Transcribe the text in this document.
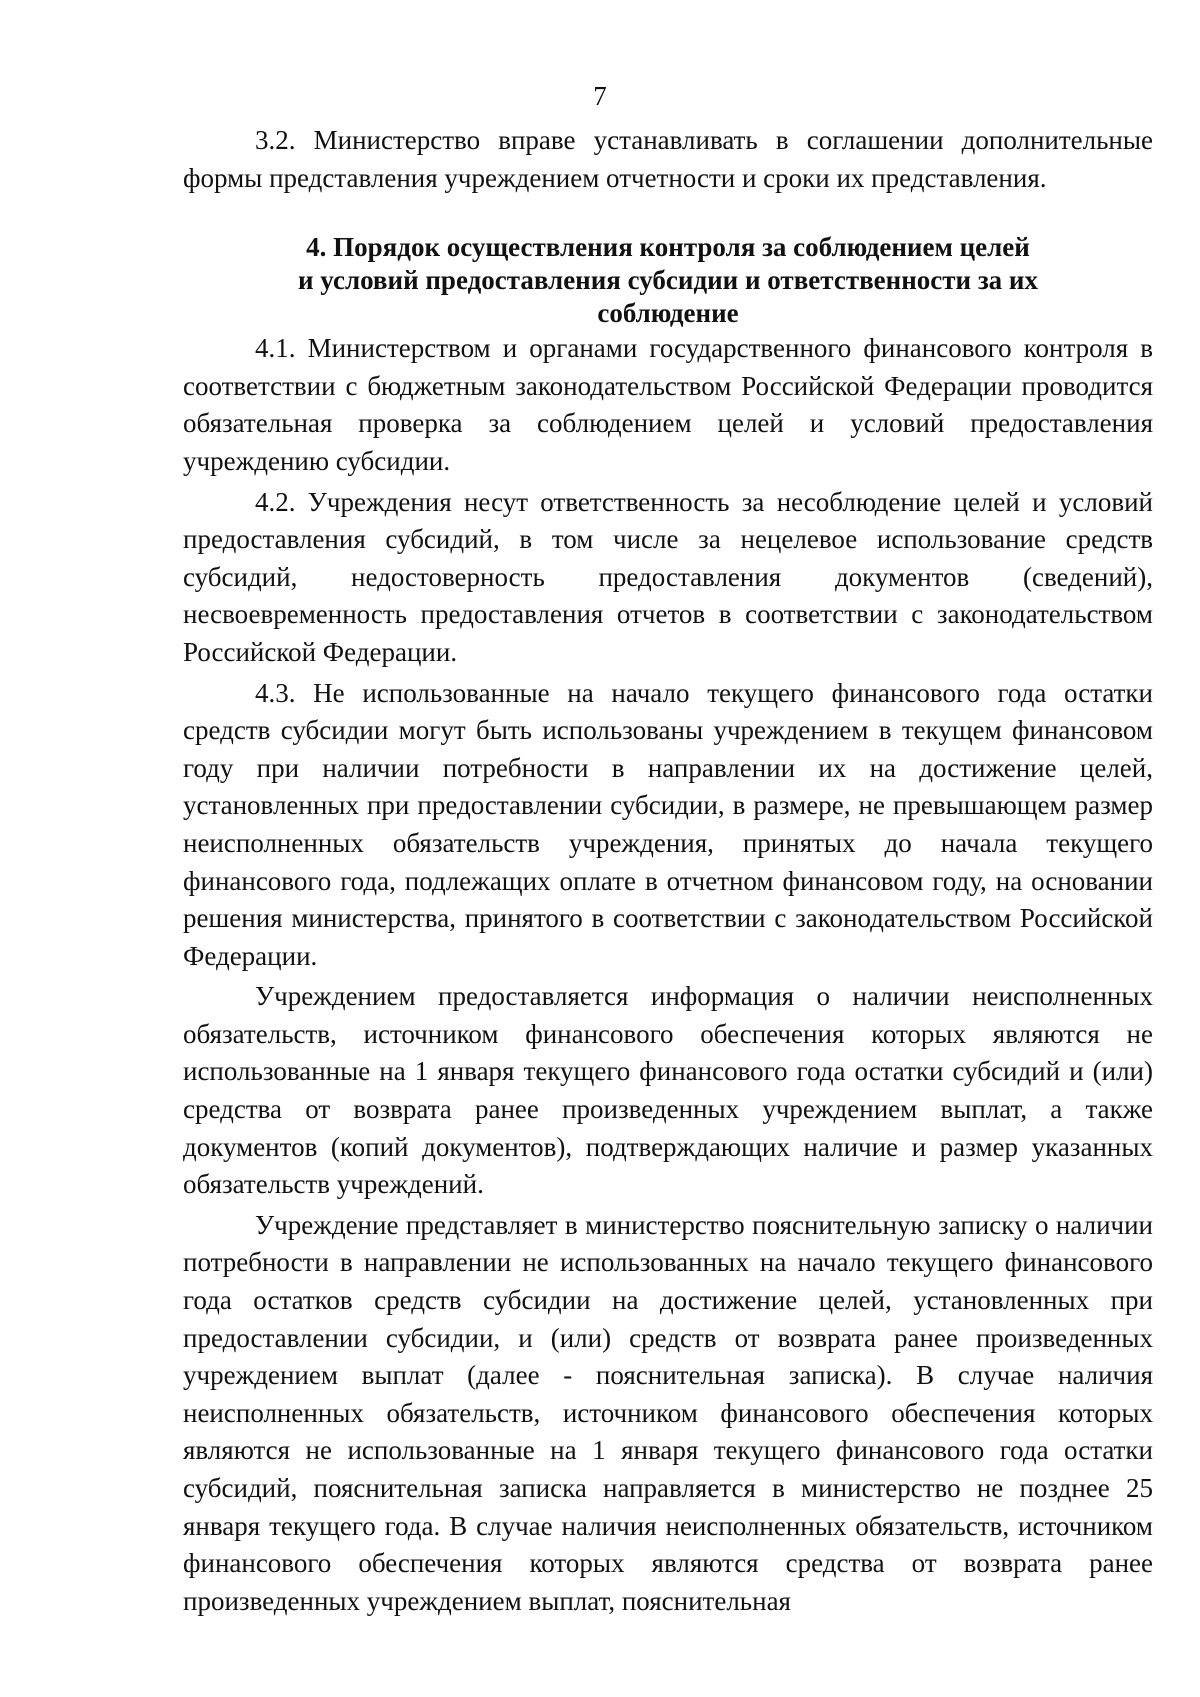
7

3.2. Министерство вправе устанавливать в соглашении дополнительные формы представления учреждением отчетности и сроки их представления.

4. Порядок осуществления контроля за соблюдением целей
и условий предоставления субсидии и ответственности за их
соблюдение

4.1. Министерством и органами государственного финансового контроля в соответствии с бюджетным законодательством Российской Федерации проводится обязательная проверка за соблюдением целей и условий предоставления учреждению субсидии.

4.2. Учреждения несут ответственность за несоблюдение целей и условий предоставления субсидий, в том числе за нецелевое использование средств субсидий, недостоверность предоставления документов (сведений), несвоевременность предоставления отчетов в соответствии с законодательством Российской Федерации.

4.3. Не использованные на начало текущего финансового года остатки средств субсидии могут быть использованы учреждением в текущем финансовом году при наличии потребности в направлении их на достижение целей, установленных при предоставлении субсидии, в размере, не превышающем размер неисполненных обязательств учреждения, принятых до начала текущего финансового года, подлежащих оплате в отчетном финансовом году, на основании решения министерства, принятого в соответствии с законодательством Российской Федерации.

Учреждением предоставляется информация о наличии неисполненных обязательств, источником финансового обеспечения которых являются не использованные на 1 января текущего финансового года остатки субсидий и (или) средства от возврата ранее произведенных учреждением выплат, а также документов (копий документов), подтверждающих наличие и размер указанных обязательств учреждений.

Учреждение представляет в министерство пояснительную записку о наличии потребности в направлении не использованных на начало текущего финансового года остатков средств субсидии на достижение целей, установленных при предоставлении субсидии, и (или) средств от возврата ранее произведенных учреждением выплат (далее - пояснительная записка). В случае наличия неисполненных обязательств, источником финансового обеспечения которых являются не использованные на 1 января текущего финансового года остатки субсидий, пояснительная записка направляется в министерство не позднее 25 января текущего года. В случае наличия неисполненных обязательств, источником финансового обеспечения которых являются средства от возврата ранее произведенных учреждением выплат, пояснительная
